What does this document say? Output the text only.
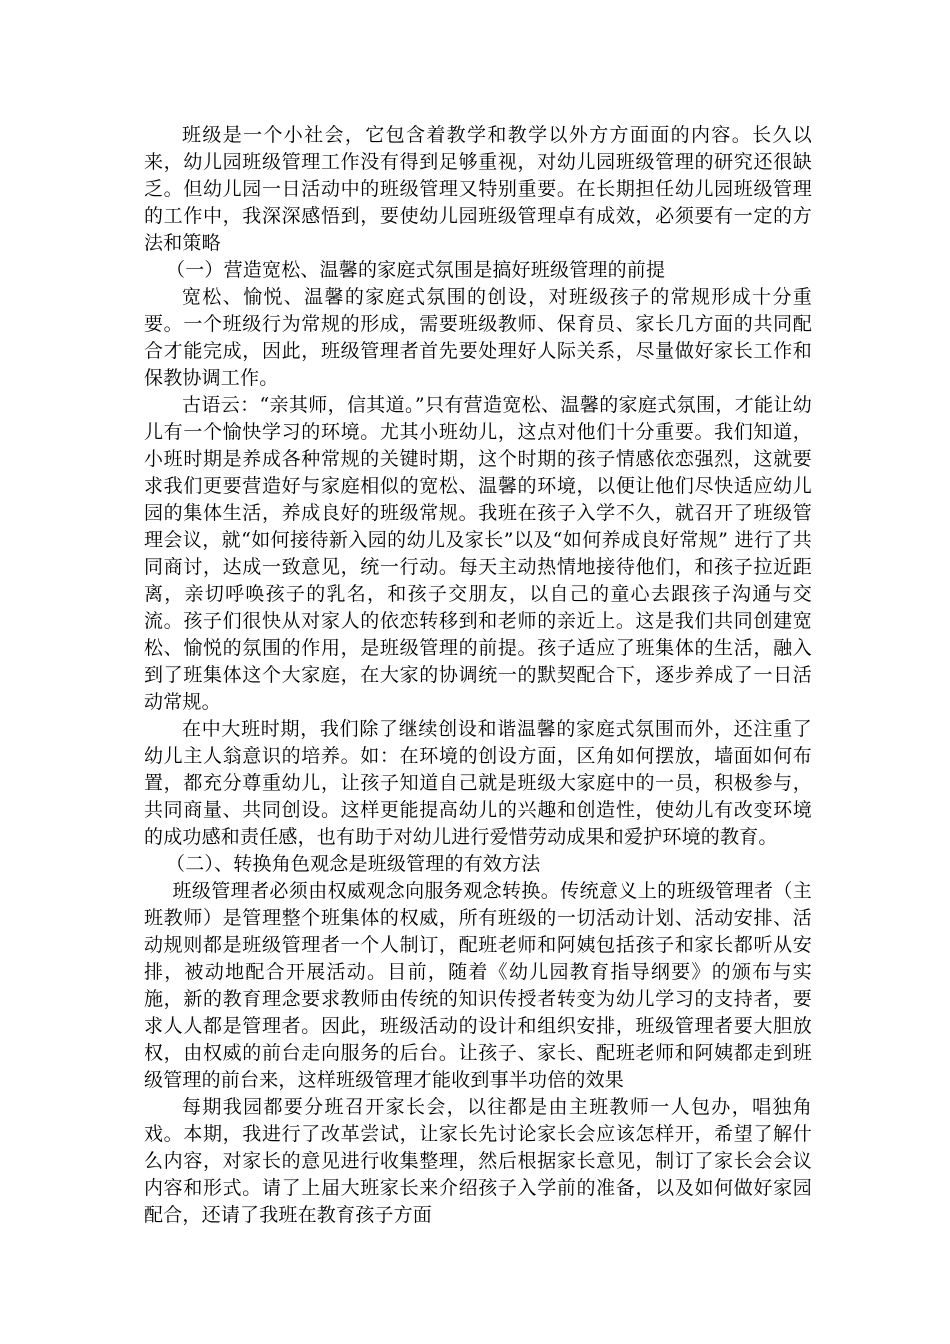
班级是一个小社会，它包含着教学和教学以外方方面面的内容。长久以来，幼儿园班级管理工作没有得到足够重视，对幼儿园班级管理的研究还很缺乏。但幼儿园一日活动中的班级管理又特别重要。在长期担任幼儿园班级管理的工作中，我深深感悟到，要使幼儿园班级管理卓有成效，必须要有一定的方法和策略

（一）营造宽松、温馨的家庭式氛围是搞好班级管理的前提

宽松、愉悦、温馨的家庭式氛围的创设，对班级孩子的常规形成十分重要。一个班级行为常规的形成，需要班级教师、保育员、家长几方面的共同配合才能完成，因此，班级管理者首先要处理好人际关系，尽量做好家长工作和保教协调工作。

古语云：“亲其师，信其道。”只有营造宽松、温馨的家庭式氛围，才能让幼儿有一个愉快学习的环境。尤其小班幼儿，这点对他们十分重要。我们知道，小班时期是养成各种常规的关键时期，这个时期的孩子情感依恋强烈，这就要求我们更要营造好与家庭相似的宽松、温馨的环境，以便让他们尽快适应幼儿园的集体生活，养成良好的班级常规。我班在孩子入学不久，就召开了班级管理会议，就“如何接待新入园的幼儿及家长”以及“如何养成良好常规” 进行了共同商讨，达成一致意见，统一行动。每天主动热情地接待他们，和孩子拉近距离，亲切呼唤孩子的乳名，和孩子交朋友，以自己的童心去跟孩子沟通与交流。孩子们很快从对家人的依恋转移到和老师的亲近上。这是我们共同创建宽松、愉悦的氛围的作用，是班级管理的前提。孩子适应了班集体的生活，融入到了班集体这个大家庭，在大家的协调统一的默契配合下，逐步养成了一日活动常规。

在中大班时期，我们除了继续创设和谐温馨的家庭式氛围而外，还注重了幼儿主人翁意识的培养。如：在环境的创设方面，区角如何摆放，墙面如何布置，都充分尊重幼儿，让孩子知道自己就是班级大家庭中的一员，积极参与，共同商量、共同创设。这样更能提高幼儿的兴趣和创造性，使幼儿有改变环境的成功感和责任感，也有助于对幼儿进行爱惜劳动成果和爱护环境的教育。

（二）、转换角色观念是班级管理的有效方法

班级管理者必须由权威观念向服务观念转换。传统意义上的班级管理者（主班教师）是管理整个班集体的权威，所有班级的一切活动计划、活动安排、活动规则都是班级管理者一个人制订，配班老师和阿姨包括孩子和家长都听从安排，被动地配合开展活动。目前，随着《幼儿园教育指导纲要》的颁布与实施，新的教育理念要求教师由传统的知识传授者转变为幼儿学习的支持者，要求人人都是管理者。因此，班级活动的设计和组织安排，班级管理者要大胆放权，由权威的前台走向服务的后台。让孩子、家长、配班老师和阿姨都走到班级管理的前台来，这样班级管理才能收到事半功倍的效果

每期我园都要分班召开家长会，以往都是由主班教师一人包办，唱独角戏。本期，我进行了改革尝试，让家长先讨论家长会应该怎样开，希望了解什么内容，对家长的意见进行收集整理，然后根据家长意见，制订了家长会会议内容和形式。请了上届大班家长来介绍孩子入学前的准备，以及如何做好家园配合，还请了我班在教育孩子方面
